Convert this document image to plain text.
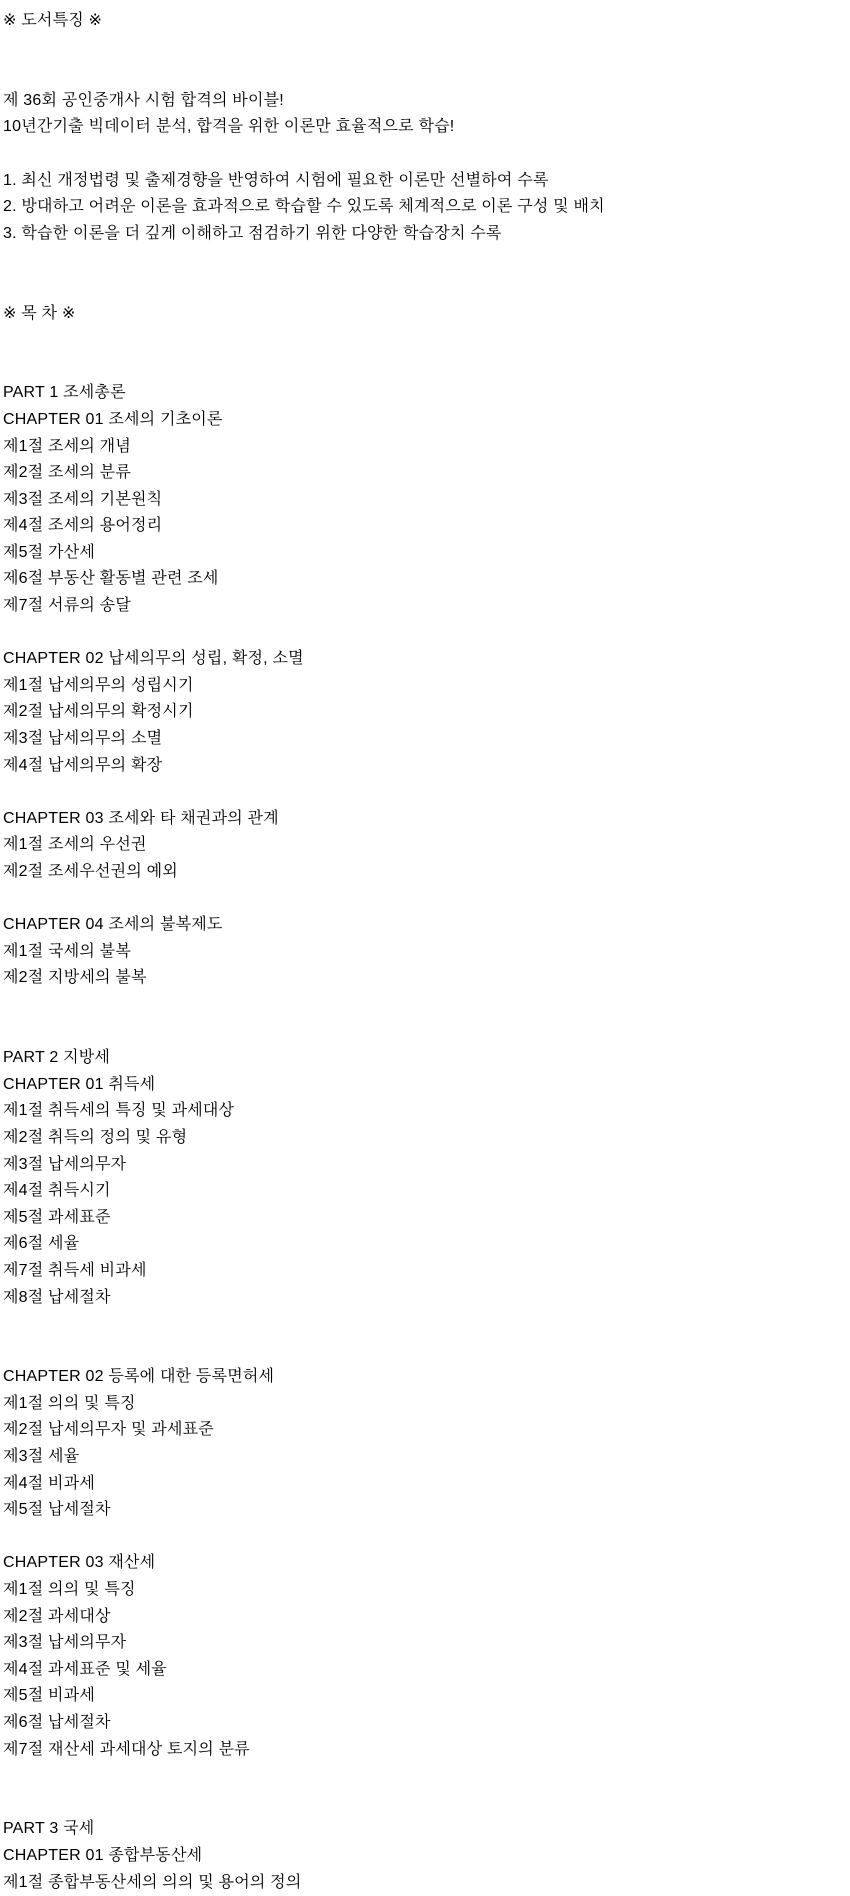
※ 도서특징 ※
제 36회 공인중개사 시험 합격의 바이블!
10년간기출 빅데이터 분석, 합격을 위한 이론만 효율적으로 학습!
1. 최신 개정법령 및 출제경향을 반영하여 시험에 필요한 이론만 선별하여 수록
2. 방대하고 어려운 이론을 효과적으로 학습할 수 있도록 체계적으로 이론 구성 및 배치
3. 학습한 이론을 더 깊게 이해하고 점검하기 위한 다양한 학습장치 수록
※ 목 차 ※
PART 1 조세총론
CHAPTER 01 조세의 기초이론
제1절 조세의 개념
제2절 조세의 분류
제3절 조세의 기본원칙
제4절 조세의 용어정리
제5절 가산세
제6절 부동산 활동별 관련 조세
제7절 서류의 송달
CHAPTER 02 납세의무의 성립, 확정, 소멸
제1절 납세의무의 성립시기
제2절 납세의무의 확정시기
제3절 납세의무의 소멸
제4절 납세의무의 확장
CHAPTER 03 조세와 타 채권과의 관계
제1절 조세의 우선권
제2절 조세우선권의 예외
CHAPTER 04 조세의 불복제도
제1절 국세의 불복
제2절 지방세의 불복
PART 2 지방세
CHAPTER 01 취득세
제1절 취득세의 특징 및 과세대상
제2절 취득의 정의 및 유형
제3절 납세의무자
제4절 취득시기
제5절 과세표준
제6절 세율
제7절 취득세 비과세
제8절 납세절차
CHAPTER 02 등록에 대한 등록면허세
제1절 의의 및 특징
제2절 납세의무자 및 과세표준
제3절 세율
제4절 비과세
제5절 납세절차
CHAPTER 03 재산세
제1절 의의 및 특징
제2절 과세대상
제3절 납세의무자
제4절 과세표준 및 세율
제5절 비과세
제6절 납세절차
제7절 재산세 과세대상 토지의 분류
PART 3 국세
CHAPTER 01 종합부동산세
제1절 종합부동산세의 의의 및 용어의 정의
